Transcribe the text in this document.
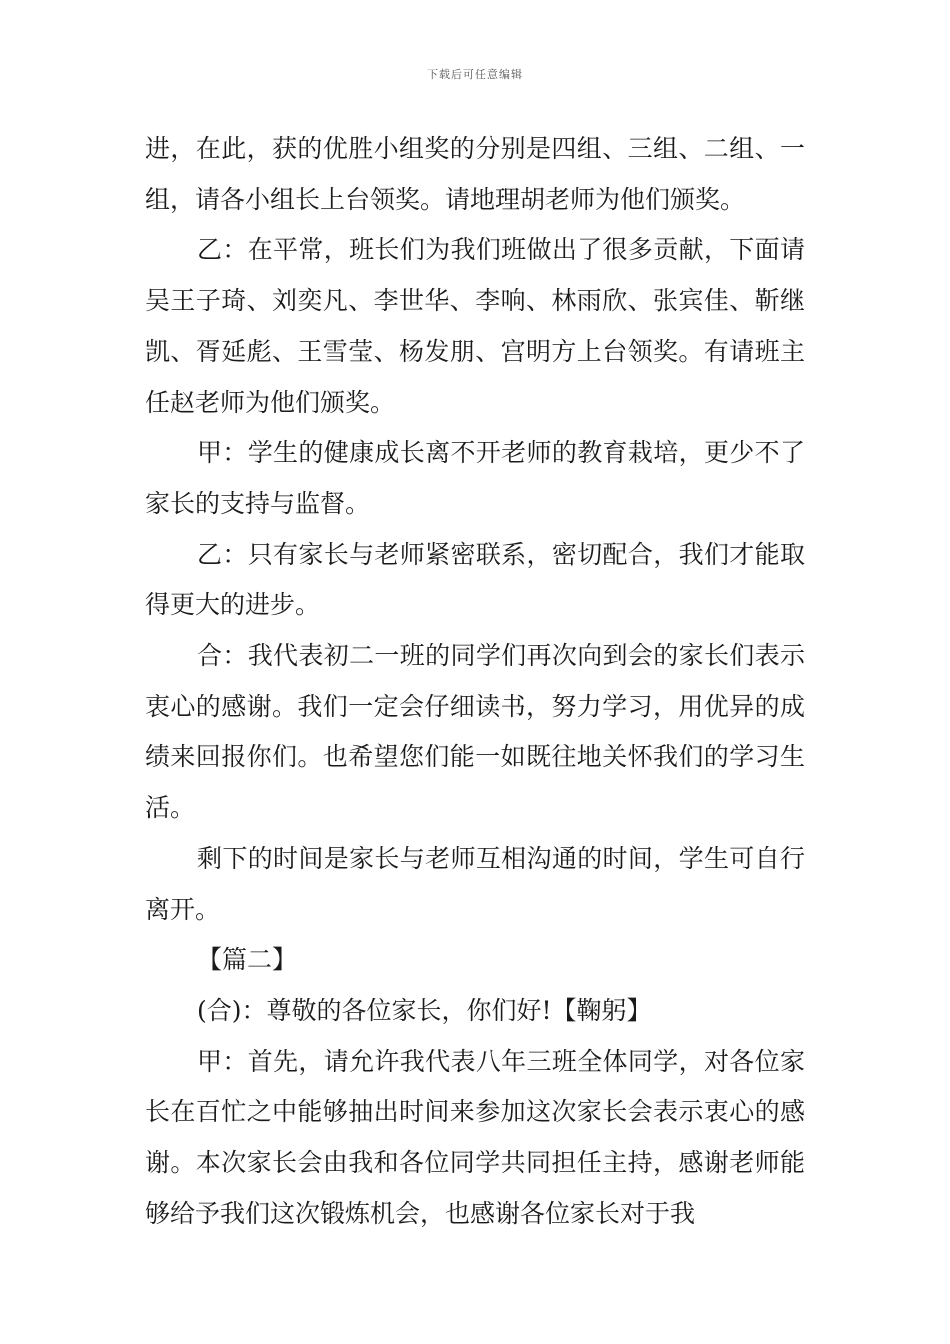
下载后可任意编辑

进，在此，获的优胜小组奖的分别是四组、三组、二组、一组，请各小组长上台领奖。请地理胡老师为他们颁奖。

乙：在平常，班长们为我们班做出了很多贡献，下面请吴王子琦、刘奕凡、李世华、李响、林雨欣、张宾佳、靳继凯、胥延彪、王雪莹、杨发朋、宫明方上台领奖。有请班主任赵老师为他们颁奖。

甲：学生的健康成长离不开老师的教育栽培，更少不了家长的支持与监督。

乙：只有家长与老师紧密联系，密切配合，我们才能取得更大的进步。

合：我代表初二一班的同学们再次向到会的家长们表示衷心的感谢。我们一定会仔细读书，努力学习，用优异的成绩来回报你们。也希望您们能一如既往地关怀我们的学习生活。

剩下的时间是家长与老师互相沟通的时间，学生可自行离开。

【篇二】

(合)：尊敬的各位家长，你们好!【鞠躬】

甲：首先，请允许我代表八年三班全体同学，对各位家长在百忙之中能够抽出时间来参加这次家长会表示衷心的感谢。本次家长会由我和各位同学共同担任主持，感谢老师能够给予我们这次锻炼机会，也感谢各位家长对于我
